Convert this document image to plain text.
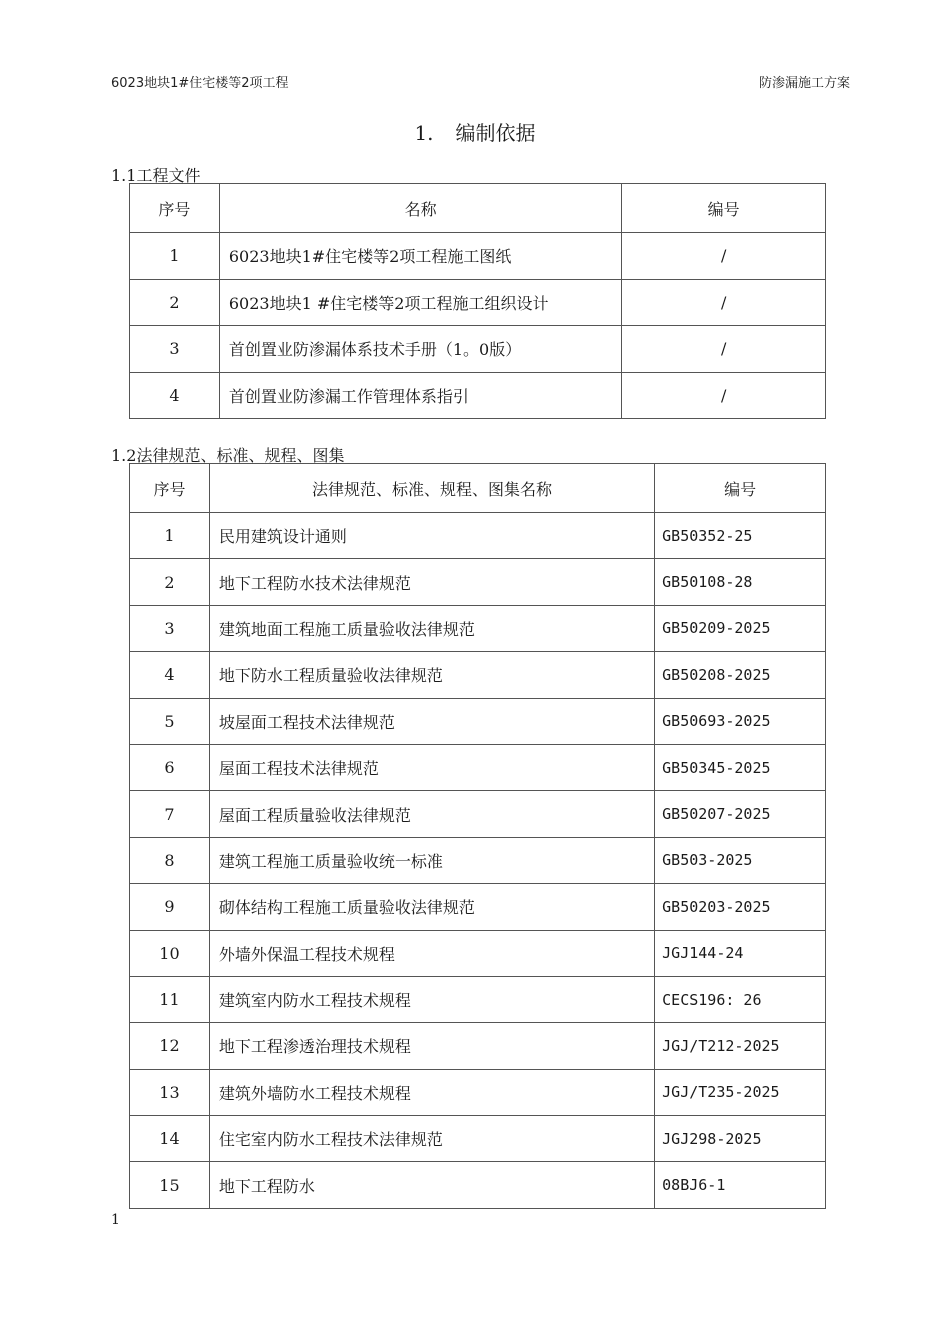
6023地块1#住宅楼等2项工程	防渗漏施工方案
1. 编制依据
1.1工程文件
序号	名称	编号
1	6023地块1#住宅楼等2项工程施工图纸	/
2	6023地块1 #住宅楼等2项工程施工组织设计	/
3	首创置业防渗漏体系技术手册（1。0版）	/
4	首创置业防渗漏工作管理体系指引	/
1.2法律规范、标准、规程、图集
序号	法律规范、标准、规程、图集名称	编号
1	民用建筑设计通则	GB50352-25
2	地下工程防水技术法律规范	GB50108-28
3	建筑地面工程施工质量验收法律规范	GB50209-2025
4	地下防水工程质量验收法律规范	GB50208-2025
5	坡屋面工程技术法律规范	GB50693-2025
6	屋面工程技术法律规范	GB50345-2025
7	屋面工程质量验收法律规范	GB50207-2025
8	建筑工程施工质量验收统一标准	GB503-2025
9	砌体结构工程施工质量验收法律规范	GB50203-2025
10	外墙外保温工程技术规程	JGJ144-24
11	建筑室内防水工程技术规程	CECS196: 26
12	地下工程渗透治理技术规程	JGJ/T212-2025
13	建筑外墙防水工程技术规程	JGJ/T235-2025
14	住宅室内防水工程技术法律规范	JGJ298-2025
15	地下工程防水	08BJ6-1
1
